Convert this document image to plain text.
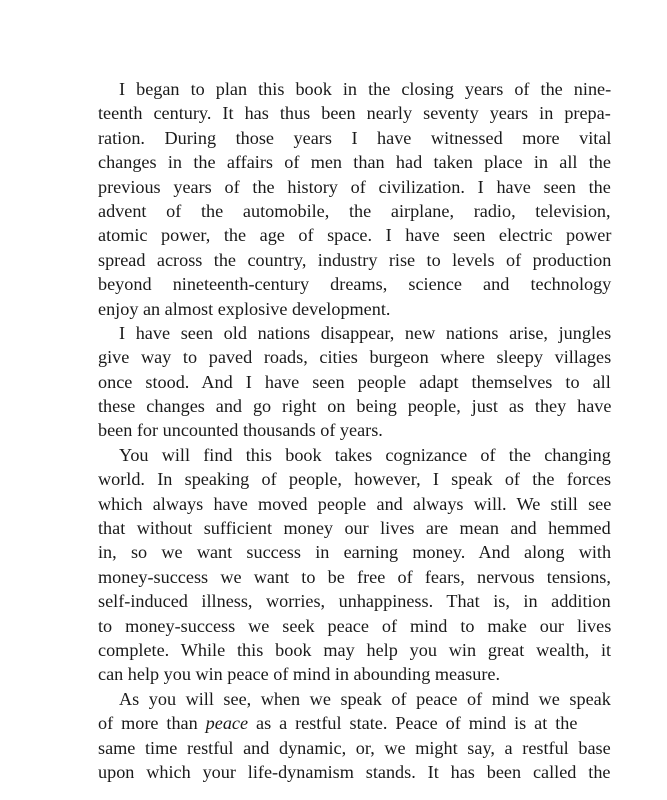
I began to plan this book in the closing years of the nine-
teenth century. It has thus been nearly seventy years in prepa-
ration. During those years I have witnessed more vital
changes in the affairs of men than had taken place in all the
previous years of the history of civilization. I have seen the
advent of the automobile, the airplane, radio, television,
atomic power, the age of space. I have seen electric power
spread across the country, industry rise to levels of production
beyond nineteenth-century dreams, science and technology
enjoy an almost explosive development.
I have seen old nations disappear, new nations arise, jungles
give way to paved roads, cities burgeon where sleepy villages
once stood. And I have seen people adapt themselves to all
these changes and go right on being people, just as they have
been for uncounted thousands of years.
You will find this book takes cognizance of the changing
world. In speaking of people, however, I speak of the forces
which always have moved people and always will. We still see
that without sufficient money our lives are mean and hemmed
in, so we want success in earning money. And along with
money-success we want to be free of fears, nervous tensions,
self-induced illness, worries, unhappiness. That is, in addition
to money-success we seek peace of mind to make our lives
complete. While this book may help you win great wealth, it
can help you win peace of mind in abounding measure.
As you will see, when we speak of peace of mind we speak
of more than peace as a restful state. Peace of mind is at the
same time restful and dynamic, or, we might say, a restful base
upon which your life-dynamism stands. It has been called the
